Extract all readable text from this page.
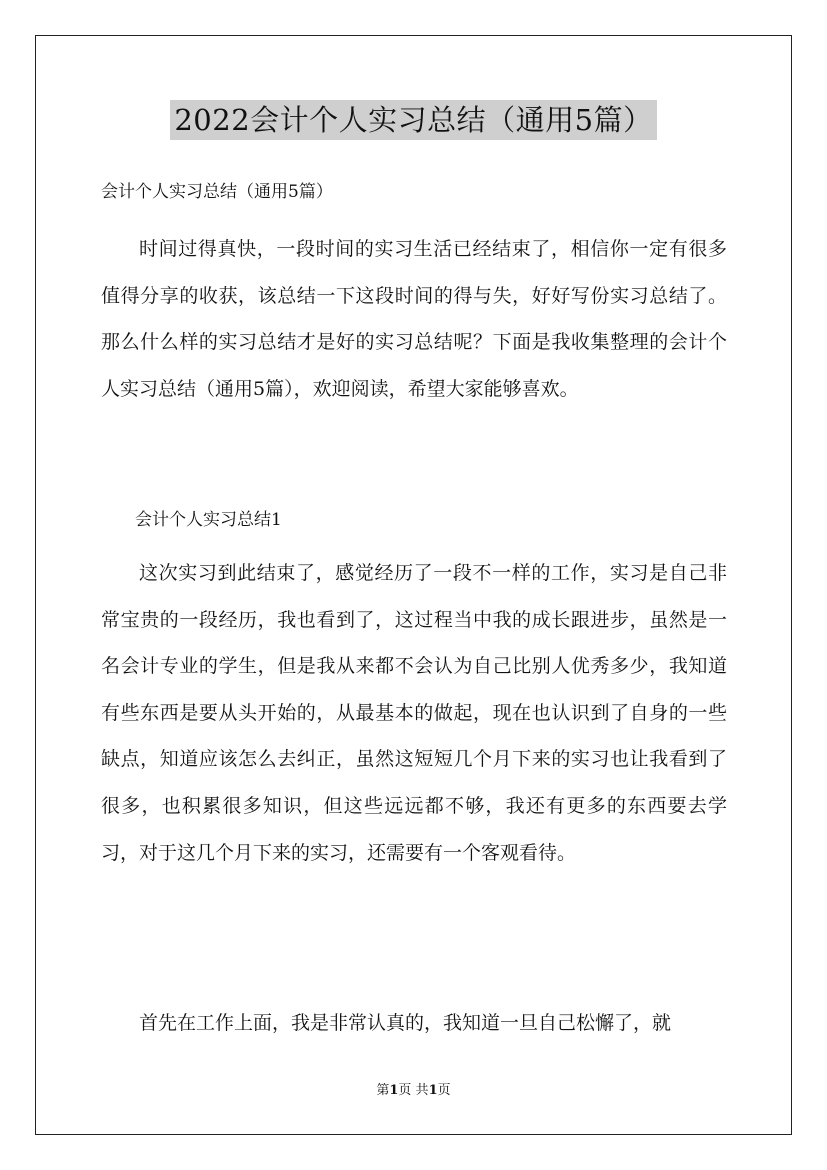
2022会计个人实习总结（通用5篇）
会计个人实习总结（通用5篇）

时间过得真快，一段时间的实习生活已经结束了，相信你一定有很多值得分享的收获，该总结一下这段时间的得与失，好好写份实习总结了。那么什么样的实习总结才是好的实习总结呢？下面是我收集整理的会计个人实习总结（通用5篇），欢迎阅读，希望大家能够喜欢。

会计个人实习总结1

这次实习到此结束了，感觉经历了一段不一样的工作，实习是自己非常宝贵的一段经历，我也看到了，这过程当中我的成长跟进步，虽然是一名会计专业的学生，但是我从来都不会认为自己比别人优秀多少，我知道有些东西是要从头开始的，从最基本的做起，现在也认识到了自身的一些缺点，知道应该怎么去纠正，虽然这短短几个月下来的实习也让我看到了很多，也积累很多知识，但这些远远都不够，我还有更多的东西要去学习，对于这几个月下来的实习，还需要有一个客观看待。

首先在工作上面，我是非常认真的，我知道一旦自己松懈了，就

第1页 共1页
